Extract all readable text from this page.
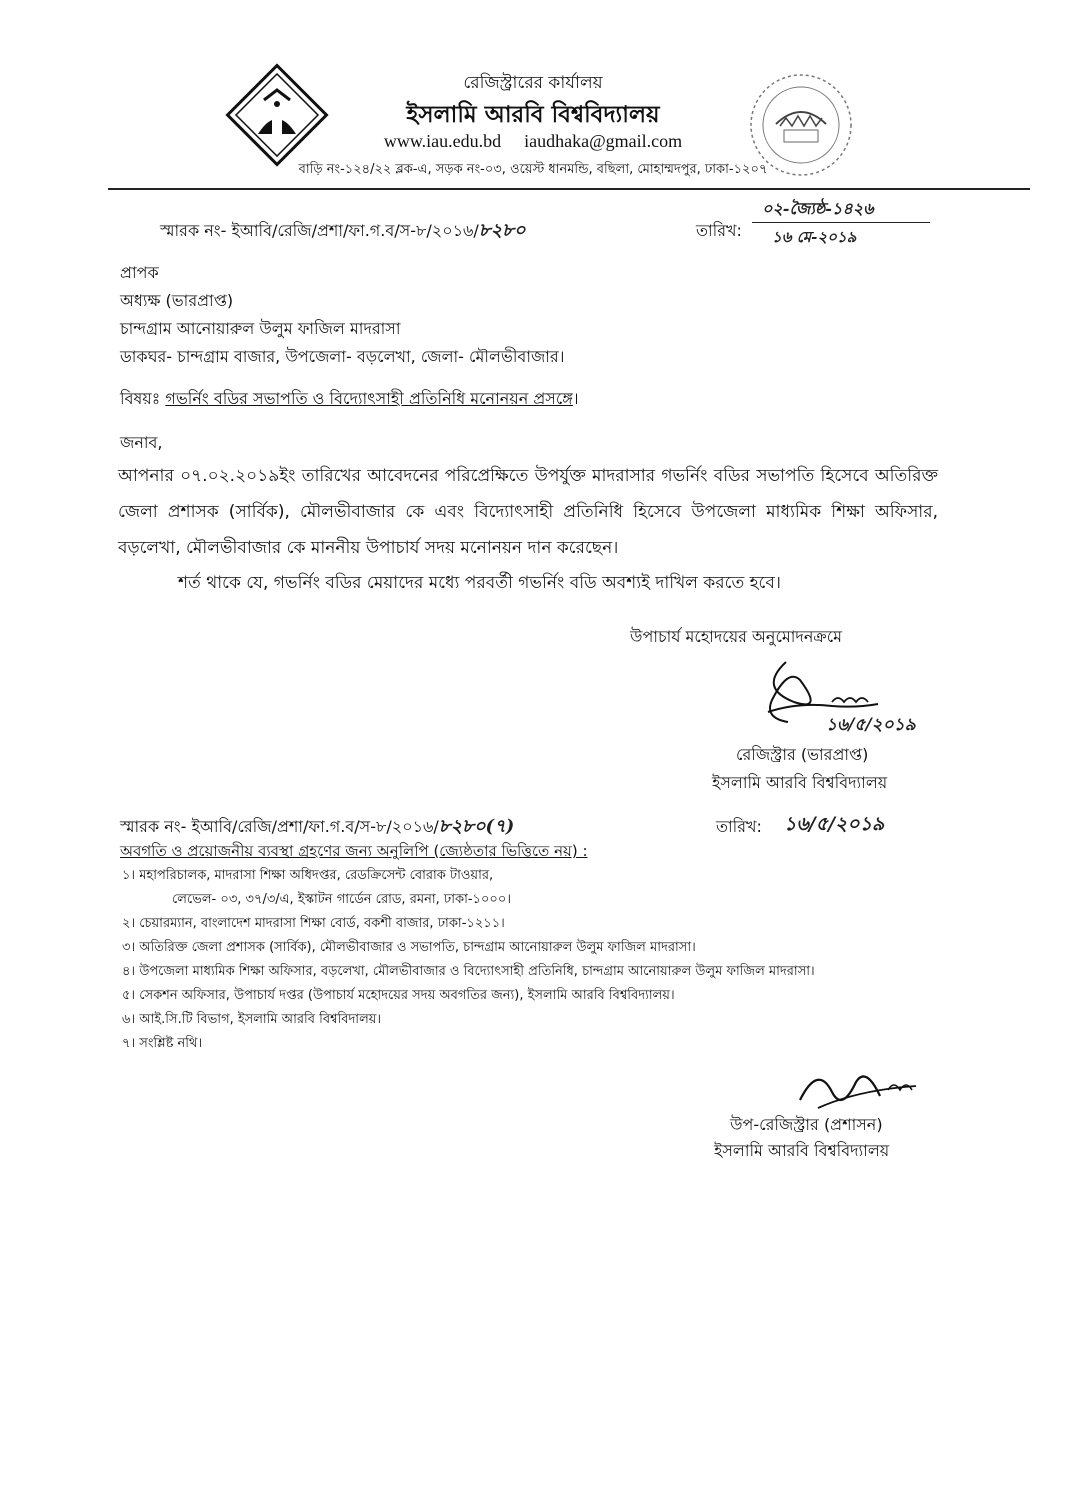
রেজিস্ট্রারের কার্যালয়
ইসলামি আরবি বিশ্ববিদ্যালয়
www.iau.edu.bd iaudhaka@gmail.com
বাড়ি নং-১২৪/২২ ব্লক-এ, সড়ক নং-০৩, ওয়েস্ট ধানমন্ডি, বছিলা, মোহাম্মদপুর, ঢাকা-১২০৭
স্মারক নং- ইআবি/রেজি/প্রশা/ফা.গ.ব/স-৮/২০১৬/৮২৮০	তারিখ:
০২-জ্যৈষ্ঠ-১৪২৬
১৬ মে-২০১৯
প্রাপক
অধ্যক্ষ (ভারপ্রাপ্ত)
চান্দগ্রাম আনোয়ারুল উলুম ফাজিল মাদরাসা
ডাকঘর- চান্দগ্রাম বাজার, উপজেলা- বড়লেখা, জেলা- মৌলভীবাজার।
বিষয়ঃ গভর্নিং বডির সভাপতি ও বিদ্যোৎসাহী প্রতিনিধি মনোনয়ন প্রসঙ্গে।
জনাব,
আপনার ০৭.০২.২০১৯ইং তারিখের আবেদনের পরিপ্রেক্ষিতে উপর্যুক্ত মাদরাসার গভর্নিং বডির সভাপতি হিসেবে অতিরিক্ত জেলা প্রশাসক (সার্বিক), মৌলভীবাজার কে এবং বিদ্যোৎসাহী প্রতিনিধি হিসেবে উপজেলা মাধ্যমিক শিক্ষা অফিসার, বড়লেখা, মৌলভীবাজার কে মাননীয় উপাচার্য সদয় মনোনয়ন দান করেছেন।
শর্ত থাকে যে, গভর্নিং বডির মেয়াদের মধ্যে পরবর্তী গভর্নিং বডি অবশ্যই দাখিল করতে হবে।
উপাচার্য মহোদয়ের অনুমোদনক্রমে
১৬/৫/২০১৯
রেজিস্ট্রার (ভারপ্রাপ্ত)
ইসলামি আরবি বিশ্ববিদ্যালয়
স্মারক নং- ইআবি/রেজি/প্রশা/ফা.গ.ব/স-৮/২০১৬/৮২৮০(৭)	তারিখ: ১৬/৫/২০১৯
অবগতি ও প্রয়োজনীয় ব্যবস্থা গ্রহণের জন্য অনুলিপি (জ্যেষ্ঠতার ভিত্তিতে নয়) :
১। মহাপরিচালক, মাদরাসা শিক্ষা অধিদপ্তর, রেডক্রিসেন্ট বোরাক টাওয়ার,
লেভেল- ০৩, ৩৭/৩/এ, ইস্কাটন গার্ডেন রোড, রমনা, ঢাকা-১০০০।
২। চেয়ারম্যান, বাংলাদেশ মাদরাসা শিক্ষা বোর্ড, বকশী বাজার, ঢাকা-১২১১।
৩। অতিরিক্ত জেলা প্রশাসক (সার্বিক), মৌলভীবাজার ও সভাপতি, চান্দগ্রাম আনোয়ারুল উলুম ফাজিল মাদরাসা।
৪। উপজেলা মাধ্যমিক শিক্ষা অফিসার, বড়লেখা, মৌলভীবাজার ও বিদ্যোৎসাহী প্রতিনিধি, চান্দগ্রাম আনোয়ারুল উলুম ফাজিল মাদরাসা।
৫। সেকশন অফিসার, উপাচার্য দপ্তর (উপাচার্য মহোদয়ের সদয় অবগতির জন্য), ইসলামি আরবি বিশ্ববিদ্যালয়।
৬। আই.সি.টি বিভাগ, ইসলামি আরবি বিশ্ববিদালয়।
৭। সংশ্লিষ্ট নথি।
উপ-রেজিস্ট্রার (প্রশাসন)
ইসলামি আরবি বিশ্ববিদ্যালয়
